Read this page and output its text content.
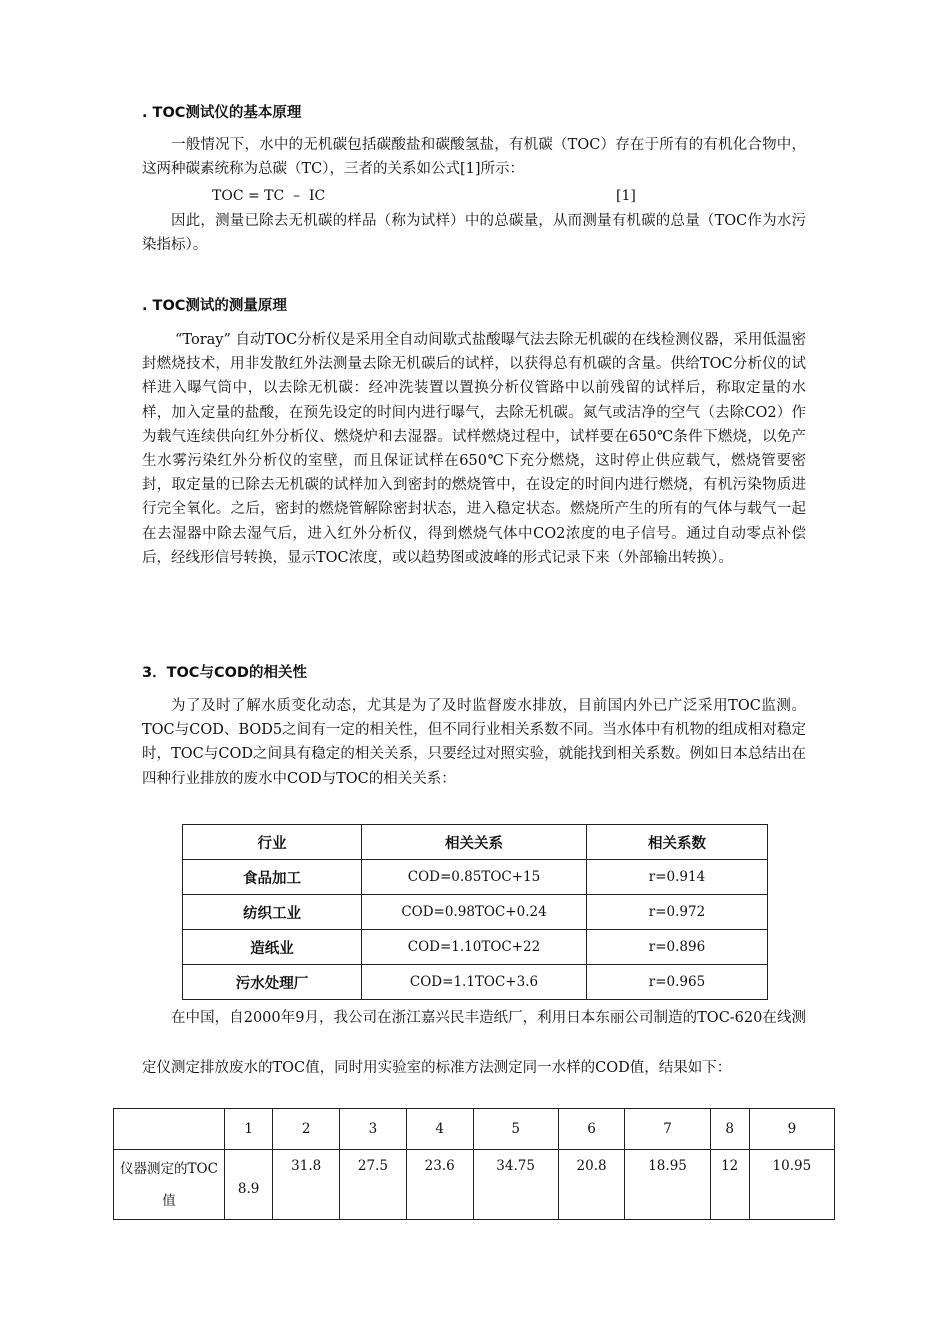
. TOC测试仪的基本原理

一般情况下，水中的无机碳包括碳酸盐和碳酸氢盐，有机碳（TOC）存在于所有的有机化合物中，这两种碳素统称为总碳（TC），三者的关系如公式[1]所示：

TOC = TC  –  IC	[1]

因此，测量已除去无机碳的样品（称为试样）中的总碳量，从而测量有机碳的总量（TOC作为水污染指标）。

. TOC测试的测量原理

“Toray” 自动TOC分析仪是采用全自动间歇式盐酸曝气法去除无机碳的在线检测仪器，采用低温密封燃烧技术，用非发散红外法测量去除无机碳后的试样，以获得总有机碳的含量。供给TOC分析仪的试样进入曝气筒中，以去除无机碳：经冲洗装置以置换分析仪管路中以前残留的试样后，称取定量的水样，加入定量的盐酸，在预先设定的时间内进行曝气，去除无机碳。氮气或洁净的空气（去除CO2）作为载气连续供向红外分析仪、燃烧炉和去湿器。试样燃烧过程中，试样要在650℃条件下燃烧，以免产生水雾污染红外分析仪的室壁，而且保证试样在650℃下充分燃烧，这时停止供应载气，燃烧管要密封，取定量的已除去无机碳的试样加入到密封的燃烧管中，在设定的时间内进行燃烧，有机污染物质进行完全氧化。之后，密封的燃烧管解除密封状态，进入稳定状态。燃烧所产生的所有的气体与载气一起在去湿器中除去湿气后，进入红外分析仪，得到燃烧气体中CO2浓度的电子信号。通过自动零点补偿后，经线形信号转换，显示TOC浓度，或以趋势图或波峰的形式记录下来（外部输出转换）。

3．TOC与COD的相关性

为了及时了解水质变化动态，尤其是为了及时监督废水排放，目前国内外已广泛采用TOC监测。TOC与COD、BOD5之间有一定的相关性，但不同行业相关系数不同。当水体中有机物的组成相对稳定时，TOC与COD之间具有稳定的相关关系，只要经过对照实验，就能找到相关系数。例如日本总结出在四种行业排放的废水中COD与TOC的相关关系：

行业	相关关系	相关系数
食品加工	COD=0.85TOC+15	r=0.914
纺织工业	COD=0.98TOC+0.24	r=0.972
造纸业	COD=1.10TOC+22	r=0.896
污水处理厂	COD=1.1TOC+3.6	r=0.965

在中国，自2000年9月，我公司在浙江嘉兴民丰造纸厂，利用日本东丽公司制造的TOC-620在线测定仪测定排放废水的TOC值，同时用实验室的标准方法测定同一水样的COD值，结果如下：

	1	2	3	4	5	6	7	8	9
仪器测定的TOC值	8.9	31.8	27.5	23.6	34.75	20.8	18.95	12	10.95
